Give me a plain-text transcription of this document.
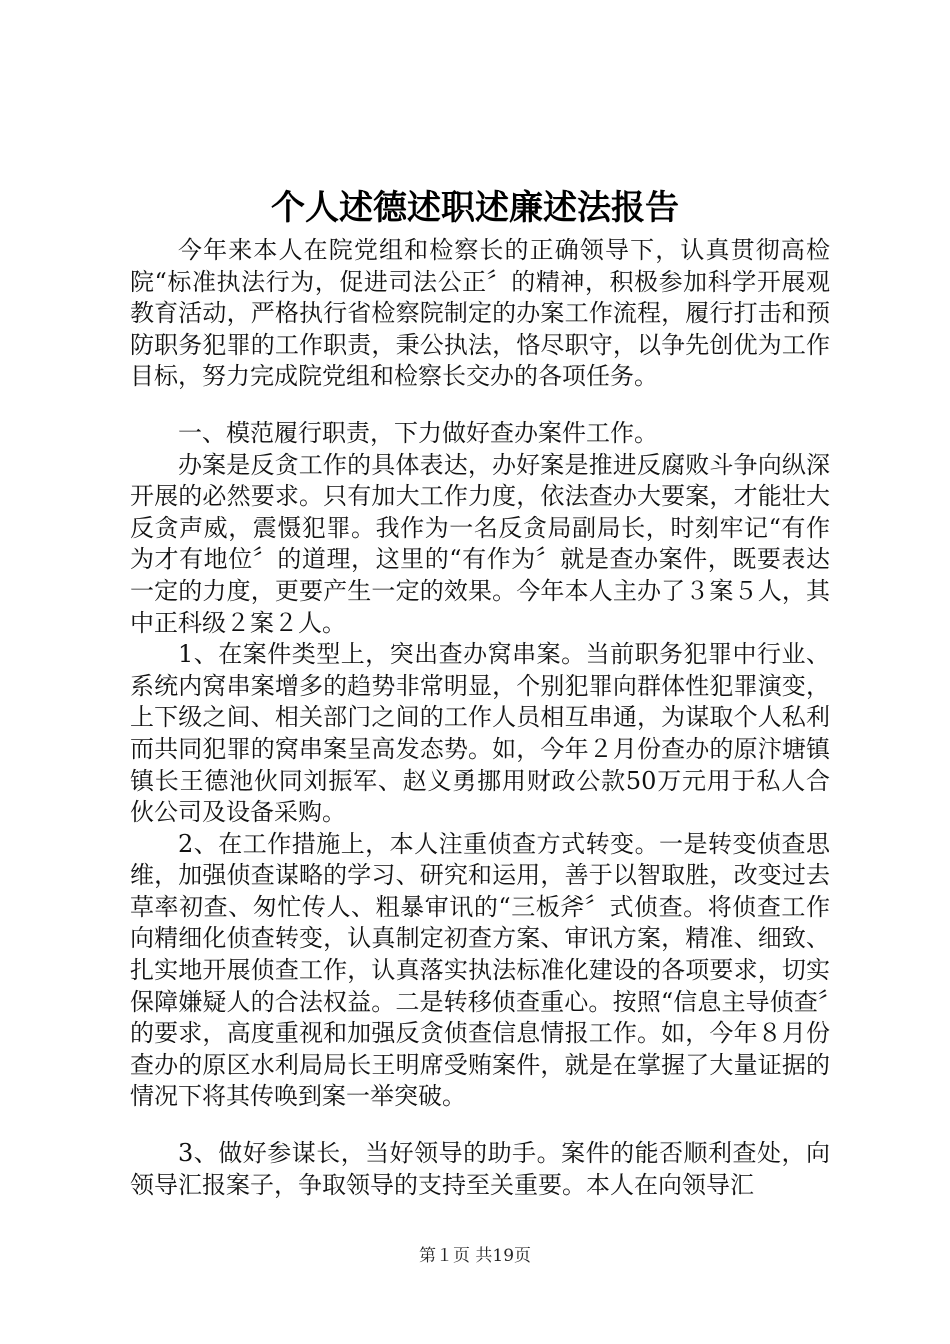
个人述德述职述廉述法报告

今年来本人在院党组和检察长的正确领导下，认真贯彻高检院“标准执法行为，促进司法公正〞的精神，积极参加科学开展观教育活动，严格执行省检察院制定的办案工作流程，履行打击和预防职务犯罪的工作职责，秉公执法，恪尽职守，以争先创优为工作目标，努力完成院党组和检察长交办的各项任务。

一、模范履行职责，下力做好查办案件工作。

办案是反贪工作的具体表达，办好案是推进反腐败斗争向纵深开展的必然要求。只有加大工作力度，依法查办大要案，才能壮大反贪声威，震慑犯罪。我作为一名反贪局副局长，时刻牢记“有作为才有地位〞的道理，这里的“有作为〞就是查办案件，既要表达一定的力度，更要产生一定的效果。今年本人主办了３案５人，其中正科级２案２人。

1、在案件类型上，突出查办窝串案。当前职务犯罪中行业、系统内窝串案增多的趋势非常明显，个别犯罪向群体性犯罪演变，上下级之间、相关部门之间的工作人员相互串通，为谋取个人私利而共同犯罪的窝串案呈高发态势。如，今年２月份查办的原汴塘镇镇长王德池伙同刘振军、赵义勇挪用财政公款50万元用于私人合伙公司及设备采购。

2、在工作措施上，本人注重侦查方式转变。一是转变侦查思维，加强侦查谋略的学习、研究和运用，善于以智取胜，改变过去草率初查、匆忙传人、粗暴审讯的“三板斧〞式侦查。将侦查工作向精细化侦查转变，认真制定初查方案、审讯方案，精准、细致、扎实地开展侦查工作，认真落实执法标准化建设的各项要求，切实保障嫌疑人的合法权益。二是转移侦查重心。按照“信息主导侦查〞的要求，高度重视和加强反贪侦查信息情报工作。如，今年８月份查办的原区水利局局长王明席受贿案件，就是在掌握了大量证据的情况下将其传唤到案一举突破。

3、做好参谋长，当好领导的助手。案件的能否顺利查处，向领导汇报案子，争取领导的支持至关重要。本人在向领导汇

第１页 共19页
